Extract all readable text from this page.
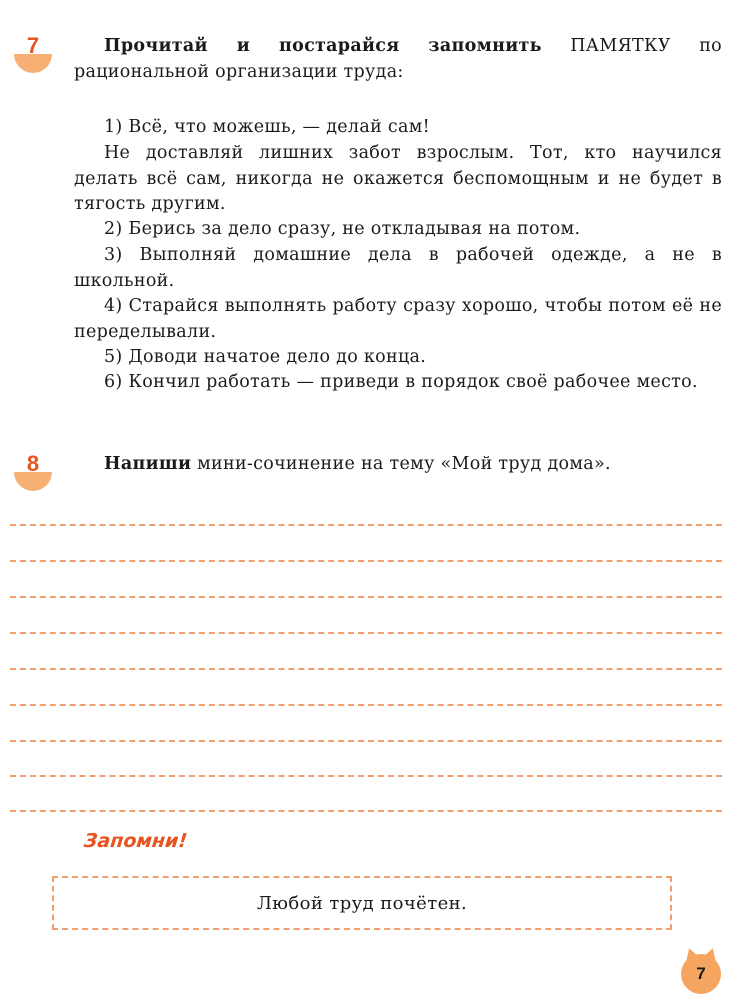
7	Прочитай и постарайся запомнить ПАМЯТКУ по рациональной организации труда:

1) Всё, что можешь, — делай сам!

Не доставляй лишних забот взрослым. Тот, кто научился делать всё сам, никогда не окажется беспомощным и не будет в тягость другим.

2) Берись за дело сразу, не откладывая на потом.

3) Выполняй домашние дела в рабочей одежде, а не в школьной.

4) Старайся выполнять работу сразу хорошо, чтобы потом её не переделывали.

5) Доводи начатое дело до конца.

6) Кончил работать — приведи в порядок своё рабочее место.

8	Напиши мини-сочинение на тему «Мой труд дома».

Запомни!
Любой труд почётен.
7
